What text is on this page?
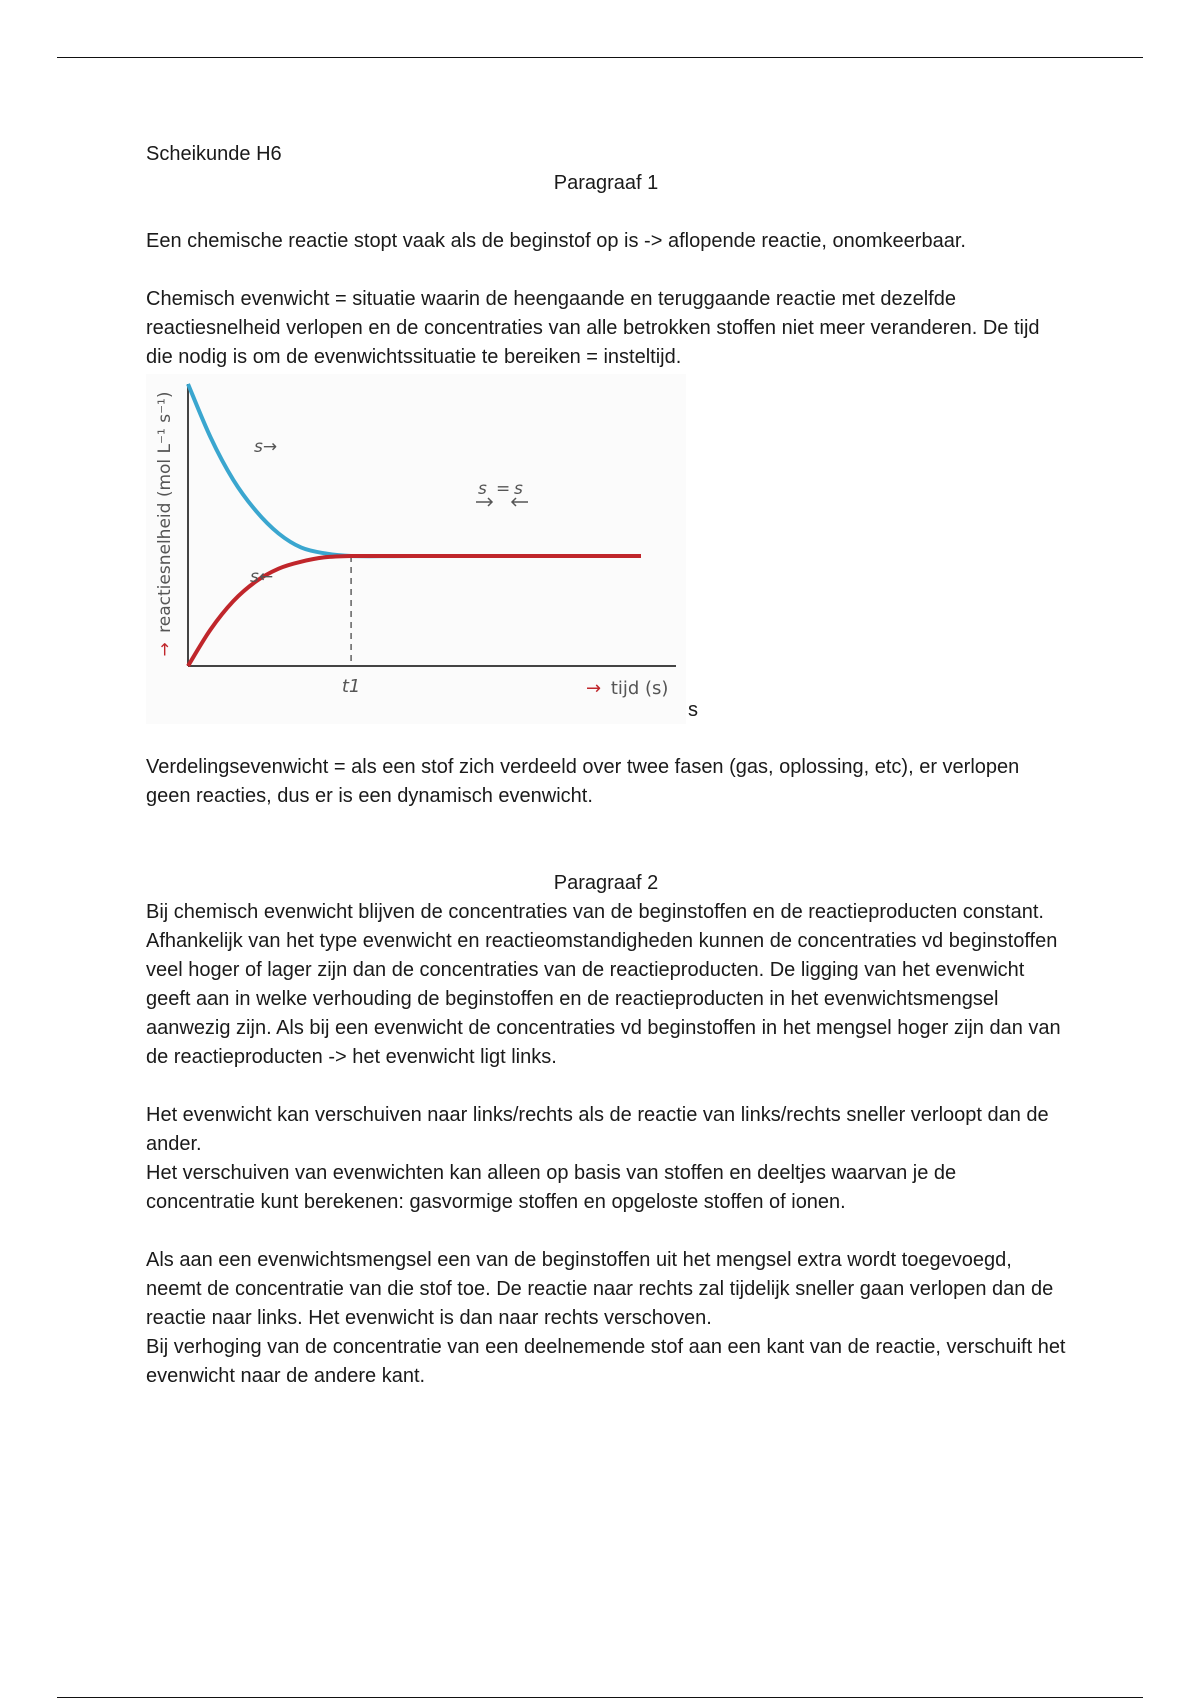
Scheikunde H6

Paragraaf 1

Een chemische reactie stopt vaak als de beginstof op is -> aflopende reactie, onomkeerbaar.

Chemisch evenwicht = situatie waarin de heengaande en teruggaande reactie met dezelfde reactiesnelheid verlopen en de concentraties van alle betrokken stoffen niet meer veranderen. De tijd die nodig is om de evenwichtssituatie te bereiken = insteltijd.

→ reactiesnelheid (mol L⁻¹ s⁻¹)
→ tijd (s)
t1
s→
s←
s = s
s

Verdelingsevenwicht = als een stof zich verdeeld over twee fasen (gas, oplossing, etc), er verlopen geen reacties, dus er is een dynamisch evenwicht.

Paragraaf 2

Bij chemisch evenwicht blijven de concentraties van de beginstoffen en de reactieproducten constant. Afhankelijk van het type evenwicht en reactieomstandigheden kunnen de concentraties vd beginstoffen veel hoger of lager zijn dan de concentraties van de reactieproducten. De ligging van het evenwicht geeft aan in welke verhouding de beginstoffen en de reactieproducten in het evenwichtsmengsel aanwezig zijn. Als bij een evenwicht de concentraties vd beginstoffen in het mengsel hoger zijn dan van de reactieproducten -> het evenwicht ligt links.

Het evenwicht kan verschuiven naar links/rechts als de reactie van links/rechts sneller verloopt dan de ander.

Het verschuiven van evenwichten kan alleen op basis van stoffen en deeltjes waarvan je de concentratie kunt berekenen: gasvormige stoffen en opgeloste stoffen of ionen.

Als aan een evenwichtsmengsel een van de beginstoffen uit het mengsel extra wordt toegevoegd, neemt de concentratie van die stof toe. De reactie naar rechts zal tijdelijk sneller gaan verlopen dan de reactie naar links. Het evenwicht is dan naar rechts verschoven.

Bij verhoging van de concentratie van een deelnemende stof aan een kant van de reactie, verschuift het evenwicht naar de andere kant.
